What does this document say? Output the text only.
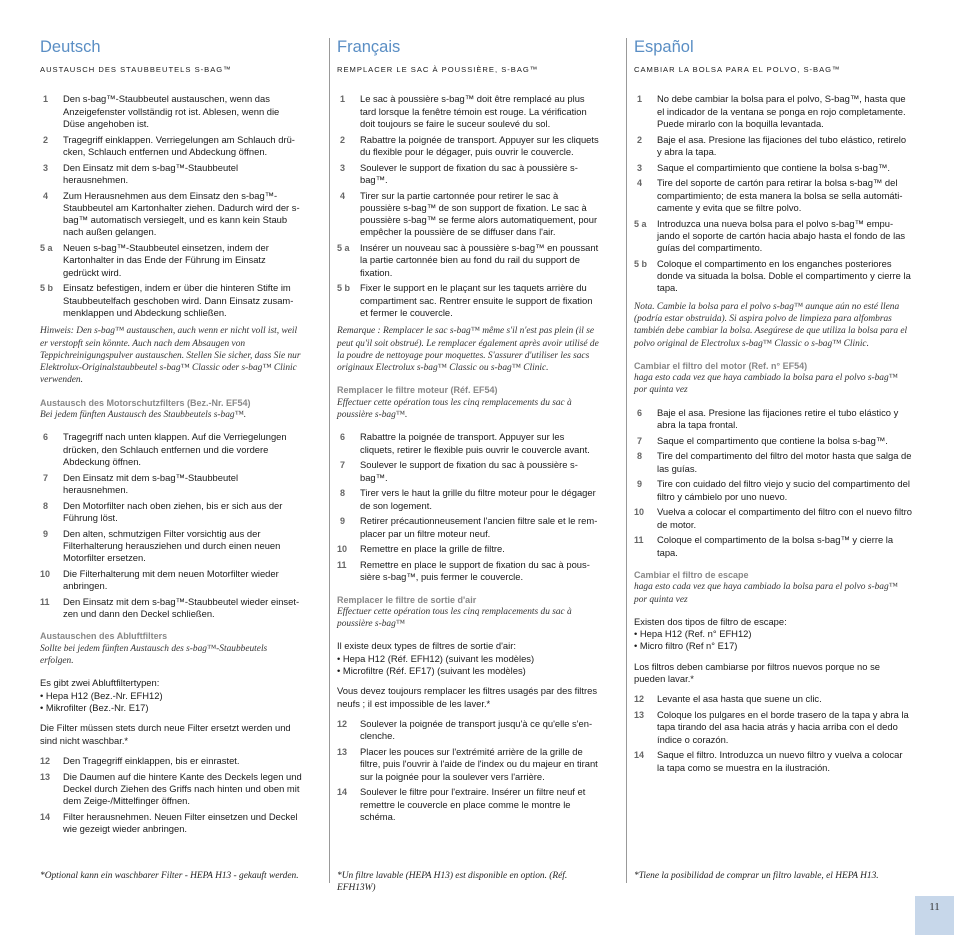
Deutsch
AUSTAUSCH DES STAUBBEUTELS S-BAG™
1	Den s-bag™-Staubbeutel austauschen, wenn das Anzeigefenster vollständig rot ist. Ablesen, wenn die Düse angehoben ist.
2	Tragegriff einklappen. Verriegelungen am Schlauch drücken, Schlauch entfernen und Abdeckung öffnen.
3	Den Einsatz mit dem s-bag™-Staubbeutel herausnehmen.
4	Zum Herausnehmen aus dem Einsatz den s-bag™-Staubbeutel am Kartonhalter ziehen. Dadurch wird der s-bag™ automatisch versiegelt, und es kann kein Staub nach außen gelangen.
5 a	Neuen s-bag™-Staubbeutel einsetzen, indem der Kartonhalter in das Ende der Führung im Einsatz gedrückt wird.
5 b	Einsatz befestigen, indem er über die hinteren Stifte im Staubbeutelfach geschoben wird. Dann Einsatz zusammenklappen und Abdeckung schließen.
Hinweis: Den s-bag™ austauschen, auch wenn er nicht voll ist, weil er verstopft sein könnte. Auch nach dem Absaugen von Teppichreinigungspulver austauschen. Stellen Sie sicher, dass Sie nur Elektrolux-Originalstaubbeutel s-bag™ Classic oder s-bag™ Clinic verwenden.
Austausch des Motorschutzfilters (Bez.-Nr. EF54)
Bei jedem fünften Austausch des Staubbeutels s-bag™.
6	Tragegriff nach unten klappen. Auf die Verriegelungen drücken, den Schlauch entfernen und die vordere Abdeckung öffnen.
7	Den Einsatz mit dem s-bag™-Staubbeutel herausnehmen.
8	Den Motorfilter nach oben ziehen, bis er sich aus der Führung löst.
9	Den alten, schmutzigen Filter vorsichtig aus der Filterhalterung herausziehen und durch einen neuen Motorfilter ersetzen.
10	Die Filterhalterung mit dem neuen Motorfilter wieder anbringen.
11	Den Einsatz mit dem s-bag™-Staubbeutel wieder einsetzen und dann den Deckel schließen.
Austauschen des Abluftfilters
Sollte bei jedem fünften Austausch des s-bag™-Staubbeutels erfolgen.
Es gibt zwei Abluftfiltertypen:
• Hepa H12 (Bez.-Nr. EFH12)
• Mikrofilter (Bez.-Nr. E17)
Die Filter müssen stets durch neue Filter ersetzt werden und sind nicht waschbar.*
12	Den Tragegriff einklappen, bis er einrastet.
13	Die Daumen auf die hintere Kante des Deckels legen und Deckel durch Ziehen des Griffs nach hinten und oben mit dem Zeige-/Mittelfinger öffnen.
14	Filter herausnehmen. Neuen Filter einsetzen und Deckel wie gezeigt wieder anbringen.
Français
REMPLACER LE SAC À POUSSIÈRE, S-BAG™
1	Le sac à poussière s-bag™ doit être remplacé au plus tard lorsque la fenêtre témoin est rouge. La vérification doit toujours se faire le suceur soulevé du sol.
2	Rabattre la poignée de transport. Appuyer sur les cliquets du flexible pour le dégager, puis ouvrir le couvercle.
3	Soulever le support de fixation du sac à poussière s-bag™.
4	Tirer sur la partie cartonnée pour retirer le sac à poussière s-bag™ de son support de fixation. Le sac à poussière s-bag™ se ferme alors automatiquement, pour empêcher la poussière de se diffuser dans l'air.
5 a	Insérer un nouveau sac à poussière s-bag™ en poussant la partie cartonnée bien au fond du rail du support de fixation.
5 b	Fixer le support en le plaçant sur les taquets arrière du compartiment sac. Rentrer ensuite le support de fixation et fermer le couvercle.
Remarque : Remplacer le sac s-bag™ même s'il n'est pas plein (il se peut qu'il soit obstrué). Le remplacer également après avoir utilisé de la poudre de nettoyage pour moquettes. S'assurer d'utiliser les sacs originaux Electrolux s-bag™ Classic ou s-bag™ Clinic.
Remplacer le filtre moteur (Réf. EF54)
Effectuer cette opération tous les cinq remplacements du sac à poussière s-bag™.
6	Rabattre la poignée de transport. Appuyer sur les cliquets, retirer le flexible puis ouvrir le couvercle avant.
7	Soulever le support de fixation du sac à poussière s-bag™.
8	Tirer vers le haut la grille du filtre moteur pour le dégager de son logement.
9	Retirer précautionneusement l'ancien filtre sale et le remplacer par un filtre moteur neuf.
10	Remettre en place la grille de filtre.
11	Remettre en place le support de fixation du sac à poussière s-bag™, puis fermer le couvercle.
Remplacer le filtre de sortie d'air
Effectuer cette opération tous les cinq remplacements du sac à poussière s-bag™
Il existe deux types de filtres de sortie d'air:
• Hepa H12 (Réf. EFH12) (suivant les modèles)
• Microfiltre (Réf. EF17) (suivant les modèles)
Vous devez toujours remplacer les filtres usagés par des filtres neufs ; il est impossible de les laver.*
12	Soulever la poignée de transport jusqu'à ce qu'elle s'enclenche.
13	Placer les pouces sur l'extrémité arrière de la grille de filtre, puis l'ouvrir à l'aide de l'index ou du majeur en tirant sur la poignée pour la soulever vers l'arrière.
14	Soulever le filtre pour l'extraire. Insérer un filtre neuf et remettre le couvercle en place comme le montre le schéma.
Español
CAMBIAR LA BOLSA PARA EL POLVO, S-BAG™
1	No debe cambiar la bolsa para el polvo, S-bag™, hasta que el indicador de la ventana se ponga en rojo completamente. Puede mirarlo con la boquilla levantada.
2	Baje el asa. Presione las fijaciones del tubo elástico, retirelo y abra la tapa.
3	Saque el compartimiento que contiene la bolsa s-bag™.
4	Tire del soporte de cartón para retirar la bolsa s-bag™ del compartimiento; de esta manera la bolsa se sella automáticamente y evita que se filtre polvo.
5 a	Introduzca una nueva bolsa para el polvo s-bag™ empujando el soporte de cartón hacia abajo hasta el fondo de las guías del compartimento.
5 b	Coloque el compartimento en los enganches posteriores donde va situada la bolsa. Doble el compartimento y cierre la tapa.
Nota. Cambie la bolsa para el polvo s-bag™ aunque aún no esté llena (podría estar obstruida). Si aspira polvo de limpieza para alfombras también debe cambiar la bolsa. Asegúrese de que utiliza la bolsa para el polvo original de Electrolux s-bag™ Classic o s-bag™ Clinic.
Cambiar el filtro del motor (Ref. n° EF54)
haga esto cada vez que haya cambiado la bolsa para el polvo s-bag™ por quinta vez
6	Baje el asa. Presione las fijaciones retire el tubo elástico y abra la tapa frontal.
7	Saque el compartimento que contiene la bolsa s-bag™.
8	Tire del compartimento del filtro del motor hasta que salga de las guías.
9	Tire con cuidado del filtro viejo y sucio del compartimento del filtro y cámbielo por uno nuevo.
10	Vuelva a colocar el compartimento del filtro con el nuevo filtro de motor.
11	Coloque el compartimento de la bolsa s-bag™ y cierre la tapa.
Cambiar el filtro de escape
haga esto cada vez que haya cambiado la bolsa para el polvo s-bag™ por quinta vez
Existen dos tipos de filtro de escape:
• Hepa H12 (Ref. n° EFH12)
• Micro filtro (Ref n° E17)
Los filtros deben cambiarse por filtros nuevos porque no se pueden lavar.*
12	Levante el asa hasta que suene un clic.
13	Coloque los pulgares en el borde trasero de la tapa y abra la tapa tirando del asa hacia atrás y hacia arriba con el dedo índice o corazón.
14	Saque el filtro. Introduzca un nuevo filtro y vuelva a colocar la tapa como se muestra en la ilustración.
*Optional kann ein waschbarer Filter - HEPA H13 - gekauft werden.	*Un filtre lavable (HEPA H13) est disponible en option. (Réf. EFH13W)
*Tiene la posibilidad de comprar un filtro lavable, el HEPA H13.
11
